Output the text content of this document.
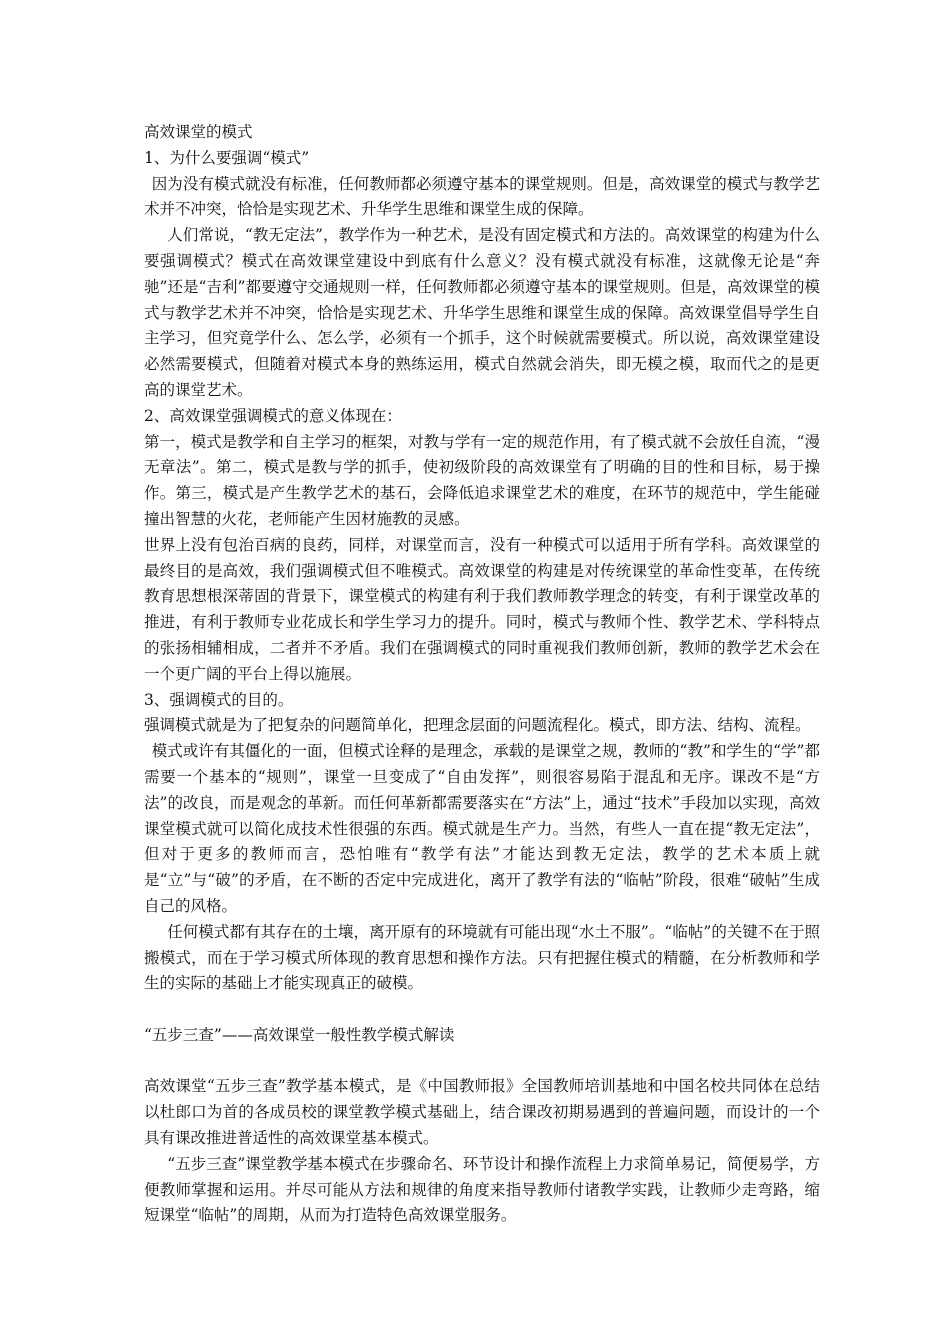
高效课堂的模式

1、为什么要强调“模式”

因为没有模式就没有标准，任何教师都必须遵守基本的课堂规则。但是，高效课堂的模式与教学艺术并不冲突，恰恰是实现艺术、升华学生思维和课堂生成的保障。

人们常说，“教无定法”，教学作为一种艺术，是没有固定模式和方法的。高效课堂的构建为什么要强调模式？模式在高效课堂建设中到底有什么意义？没有模式就没有标准，这就像无论是“奔驰”还是“吉利”都要遵守交通规则一样，任何教师都必须遵守基本的课堂规则。但是，高效课堂的模式与教学艺术并不冲突，恰恰是实现艺术、升华学生思维和课堂生成的保障。高效课堂倡导学生自主学习，但究竟学什么、怎么学，必须有一个抓手，这个时候就需要模式。所以说，高效课堂建设必然需要模式，但随着对模式本身的熟练运用，模式自然就会消失，即无模之模，取而代之的是更高的课堂艺术。

2、高效课堂强调模式的意义体现在：

第一，模式是教学和自主学习的框架，对教与学有一定的规范作用，有了模式就不会放任自流，“漫无章法”。第二，模式是教与学的抓手，使初级阶段的高效课堂有了明确的目的性和目标，易于操作。第三，模式是产生教学艺术的基石，会降低追求课堂艺术的难度，在环节的规范中，学生能碰撞出智慧的火花，老师能产生因材施教的灵感。

世界上没有包治百病的良药，同样，对课堂而言，没有一种模式可以适用于所有学科。高效课堂的最终目的是高效，我们强调模式但不唯模式。高效课堂的构建是对传统课堂的革命性变革，在传统教育思想根深蒂固的背景下，课堂模式的构建有利于我们教师教学理念的转变，有利于课堂改革的推进，有利于教师专业花成长和学生学习力的提升。同时，模式与教师个性、教学艺术、学科特点的张扬相辅相成，二者并不矛盾。我们在强调模式的同时重视我们教师创新，教师的教学艺术会在一个更广阔的平台上得以施展。

3、强调模式的目的。

强调模式就是为了把复杂的问题简单化，把理念层面的问题流程化。模式，即方法、结构、流程。

模式或许有其僵化的一面，但模式诠释的是理念，承载的是课堂之规，教师的“教”和学生的“学”都需要一个基本的“规则”，课堂一旦变成了“自由发挥”，则很容易陷于混乱和无序。课改不是“方法”的改良，而是观念的革新。而任何革新都需要落实在“方法”上，通过“技术”手段加以实现，高效课堂模式就可以简化成技术性很强的东西。模式就是生产力。当然，有些人一直在提“教无定法”，但对于更多的教师而言，恐怕唯有“教学有法”才能达到教无定法，教学的艺术本质上就是“立”与“破”的矛盾，在不断的否定中完成进化，离开了教学有法的“临帖”阶段，很难“破帖”生成自己的风格。

任何模式都有其存在的土壤，离开原有的环境就有可能出现“水土不服”。“临帖”的关键不在于照搬模式，而在于学习模式所体现的教育思想和操作方法。只有把握住模式的精髓，在分析教师和学生的实际的基础上才能实现真正的破模。

“五步三查”——高效课堂一般性教学模式解读

高效课堂“五步三查”教学基本模式，是《中国教师报》全国教师培训基地和中国名校共同体在总结以杜郎口为首的各成员校的课堂教学模式基础上，结合课改初期易遇到的普遍问题，而设计的一个具有课改推进普适性的高效课堂基本模式。

“五步三查”课堂教学基本模式在步骤命名、环节设计和操作流程上力求简单易记，简便易学，方便教师掌握和运用。并尽可能从方法和规律的角度来指导教师付诸教学实践，让教师少走弯路，缩短课堂“临帖”的周期，从而为打造特色高效课堂服务。
